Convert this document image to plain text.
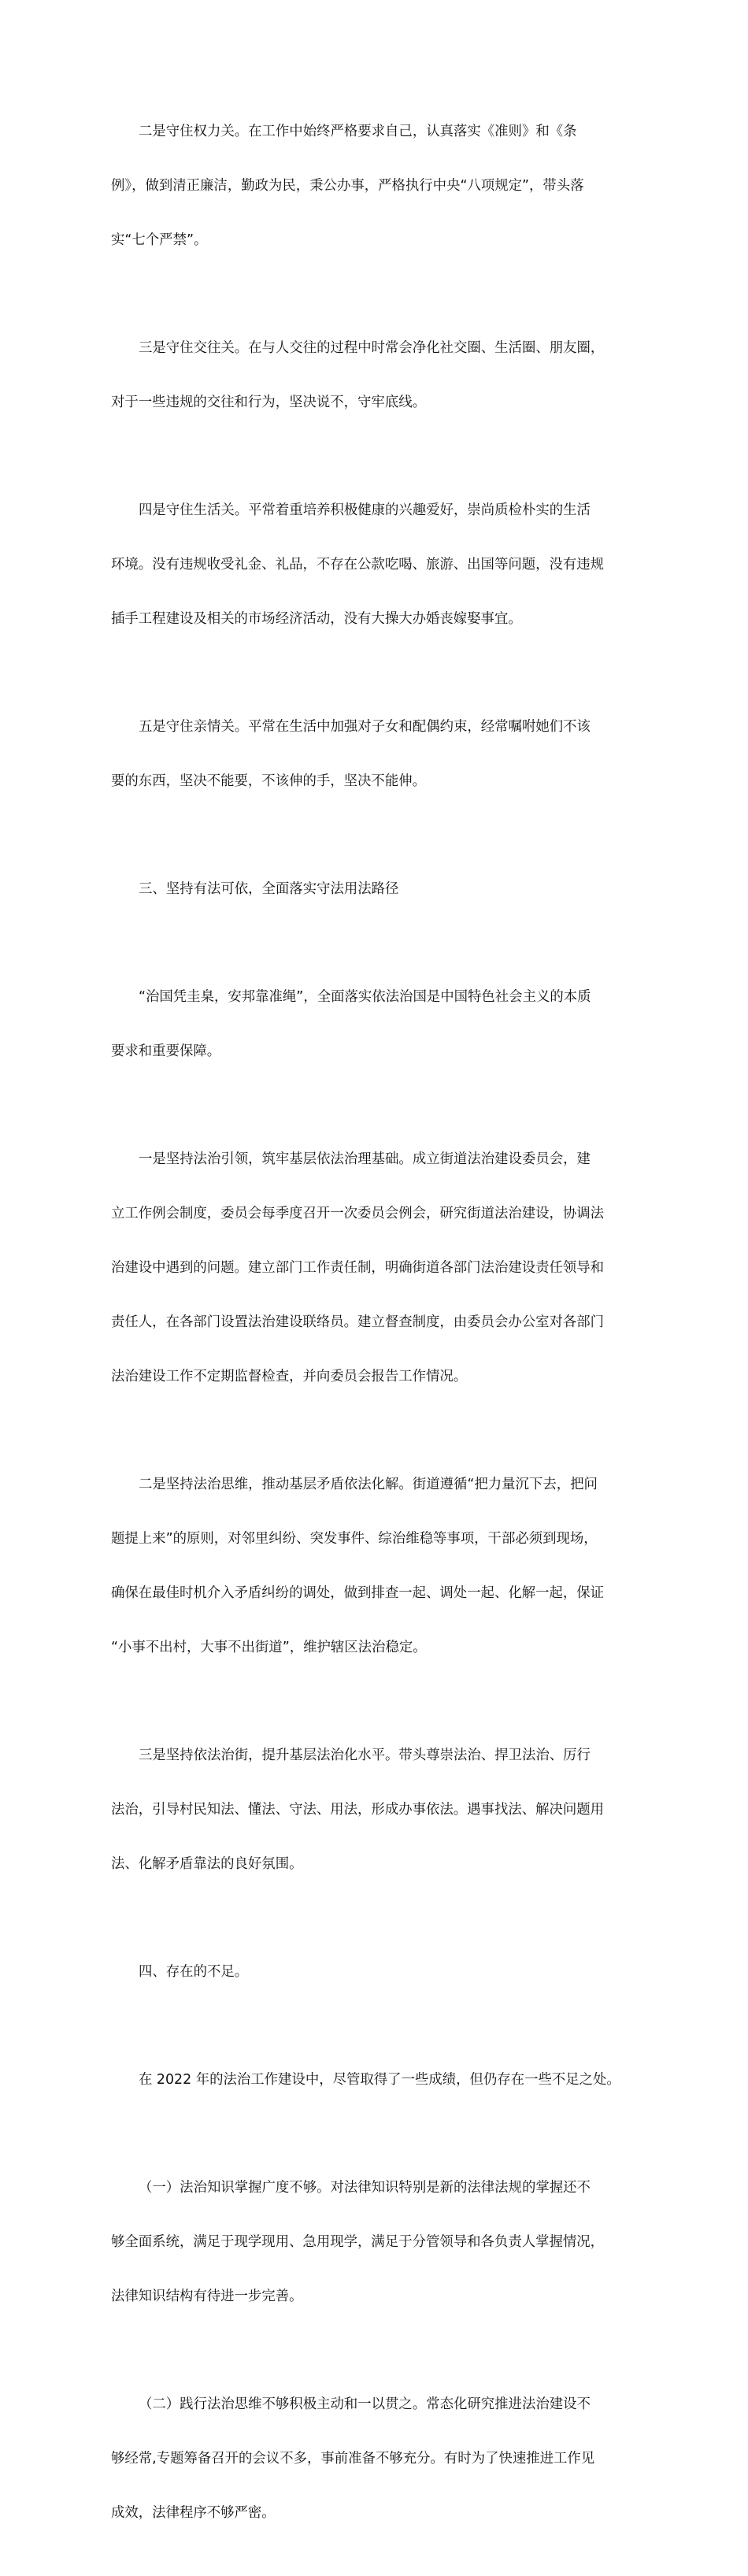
二是守住权力关。在工作中始终严格要求自己，认真落实《准则》和《条

例》，做到清正廉洁，勤政为民，秉公办事，严格执行中央“八项规定”，带头落

实“七个严禁”。

三是守住交往关。在与人交往的过程中时常会净化社交圈、生活圈、朋友圈，

对于一些违规的交往和行为，坚决说不，守牢底线。

四是守住生活关。平常着重培养积极健康的兴趣爱好，崇尚质检朴实的生活

环境。没有违规收受礼金、礼品，不存在公款吃喝、旅游、出国等问题，没有违规

插手工程建设及相关的市场经济活动，没有大操大办婚丧嫁娶事宜。

五是守住亲情关。平常在生活中加强对子女和配偶约束，经常嘱咐她们不该

要的东西，坚决不能要，不该伸的手，坚决不能伸。

三、坚持有法可依，全面落实守法用法路径

“治国凭圭臬，安邦靠准绳”，全面落实依法治国是中国特色社会主义的本质

要求和重要保障。

一是坚持法治引领，筑牢基层依法治理基础。成立街道法治建设委员会，建

立工作例会制度，委员会每季度召开一次委员会例会，研究街道法治建设，协调法

治建设中遇到的问题。建立部门工作责任制，明确街道各部门法治建设责任领导和

责任人，在各部门设置法治建设联络员。建立督查制度，由委员会办公室对各部门

法治建设工作不定期监督检查，并向委员会报告工作情况。

二是坚持法治思维，推动基层矛盾依法化解。街道遵循“把力量沉下去，把问

题提上来”的原则，对邻里纠纷、突发事件、综治维稳等事项，干部必须到现场，

确保在最佳时机介入矛盾纠纷的调处，做到排查一起、调处一起、化解一起，保证

“小事不出村，大事不出街道”，维护辖区法治稳定。

三是坚持依法治街，提升基层法治化水平。带头尊崇法治、捍卫法治、厉行

法治，引导村民知法、懂法、守法、用法，形成办事依法。遇事找法、解决问题用

法、化解矛盾靠法的良好氛围。

四、存在的不足。

在 2022 年的法治工作建设中，尽管取得了一些成绩，但仍存在一些不足之处。

（一）法治知识掌握广度不够。对法律知识特别是新的法律法规的掌握还不

够全面系统，满足于现学现用、急用现学，满足于分管领导和各负责人掌握情况，

法律知识结构有待进一步完善。

（二）践行法治思维不够积极主动和一以贯之。常态化研究推进法治建设不

够经常,专题筹备召开的会议不多，事前准备不够充分。有时为了快速推进工作见

成效，法律程序不够严密。
